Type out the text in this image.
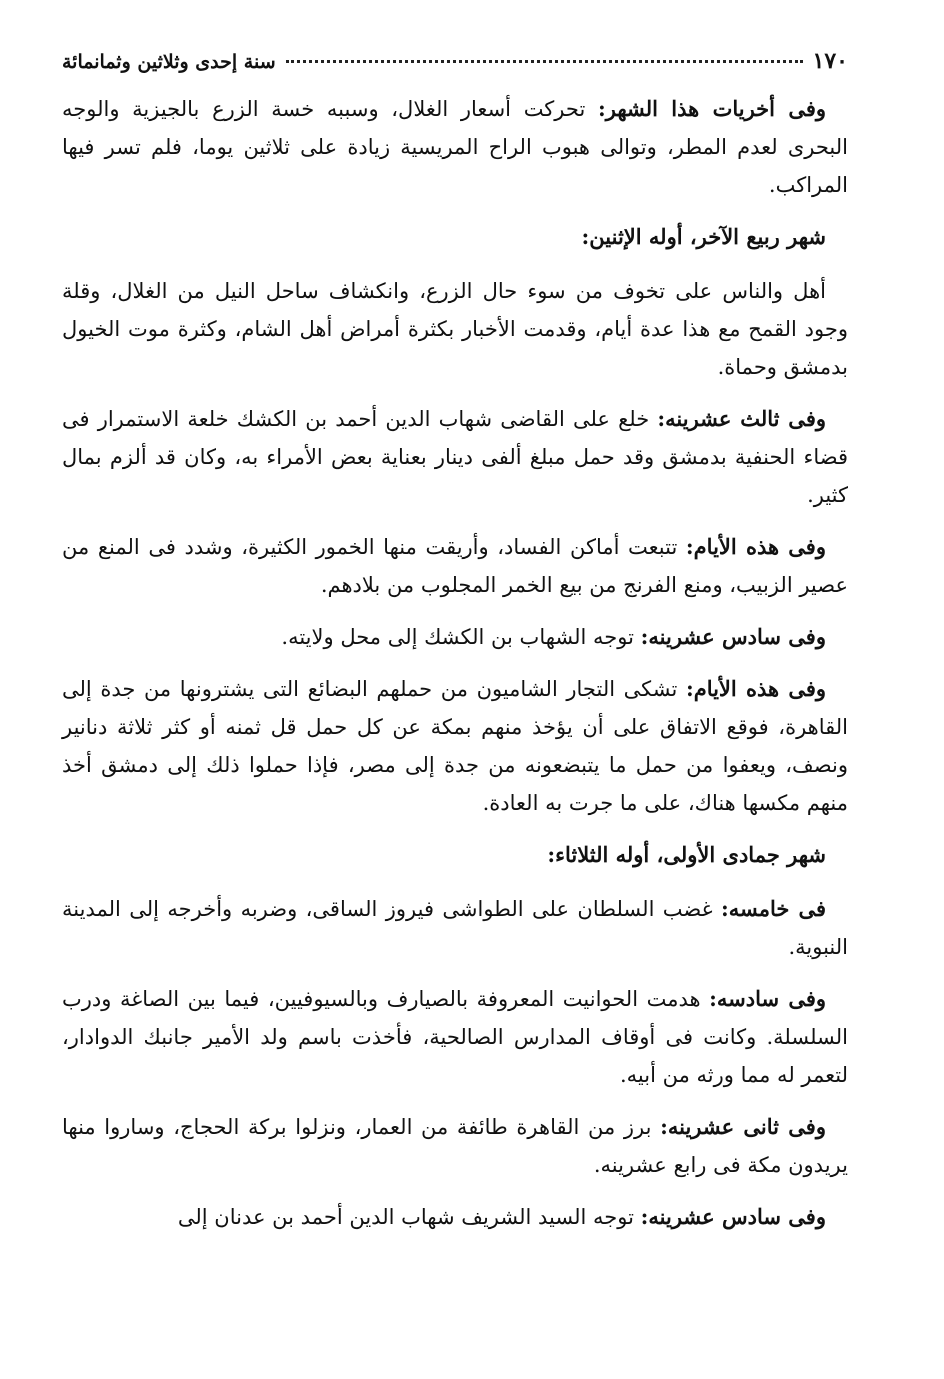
١٧٠
سنة إحدى وثلاثين وثمانمائة

وفى أخريات هذا الشهر: تحركت أسعار الغلال، وسببه خسة الزرع بالجيزية والوجه البحرى لعدم المطر، وتوالى هبوب الراح المريسية زيادة على ثلاثين يوما، فلم تسر فيها المراكب.

شهر ربيع الآخر، أوله الإثنين:

أهل والناس على تخوف من سوء حال الزرع، وانكشاف ساحل النيل من الغلال، وقلة وجود القمح مع هذا عدة أيام، وقدمت الأخبار بكثرة أمراض أهل الشام، وكثرة موت الخيول بدمشق وحماة.

وفى ثالث عشرينه: خلع على القاضى شهاب الدين أحمد بن الكشك خلعة الاستمرار فى قضاء الحنفية بدمشق وقد حمل مبلغ ألفى دينار بعناية بعض الأمراء به، وكان قد ألزم بمال كثير.

وفى هذه الأيام: تتبعت أماكن الفساد، وأريقت منها الخمور الكثيرة، وشدد فى المنع من عصير الزبيب، ومنع الفرنج من بيع الخمر المجلوب من بلادهم.

وفى سادس عشرينه: توجه الشهاب بن الكشك إلى محل ولايته.

وفى هذه الأيام: تشكى التجار الشاميون من حملهم البضائع التى يشترونها من جدة إلى القاهرة، فوقع الاتفاق على أن يؤخذ منهم بمكة عن كل حمل قل ثمنه أو كثر ثلاثة دنانير ونصف، ويعفوا من حمل ما يتبضعونه من جدة إلى مصر، فإذا حملوا ذلك إلى دمشق أخذ منهم مكسها هناك، على ما جرت به العادة.

شهر جمادى الأولى، أوله الثلاثاء:

فى خامسه: غضب السلطان على الطواشى فيروز الساقى، وضربه وأخرجه إلى المدينة النبوية.

وفى سادسه: هدمت الحوانيت المعروفة بالصيارف وبالسيوفيين، فيما بين الصاغة ودرب السلسلة. وكانت فى أوقاف المدارس الصالحية، فأخذت باسم ولد الأمير جانبك الدوادار، لتعمر له مما ورثه من أبيه.

وفى ثانى عشرينه: برز من القاهرة طائفة من العمار، ونزلوا بركة الحجاج، وساروا منها يريدون مكة فى رابع عشرينه.

وفى سادس عشرينه: توجه السيد الشريف شهاب الدين أحمد بن عدنان إلى
